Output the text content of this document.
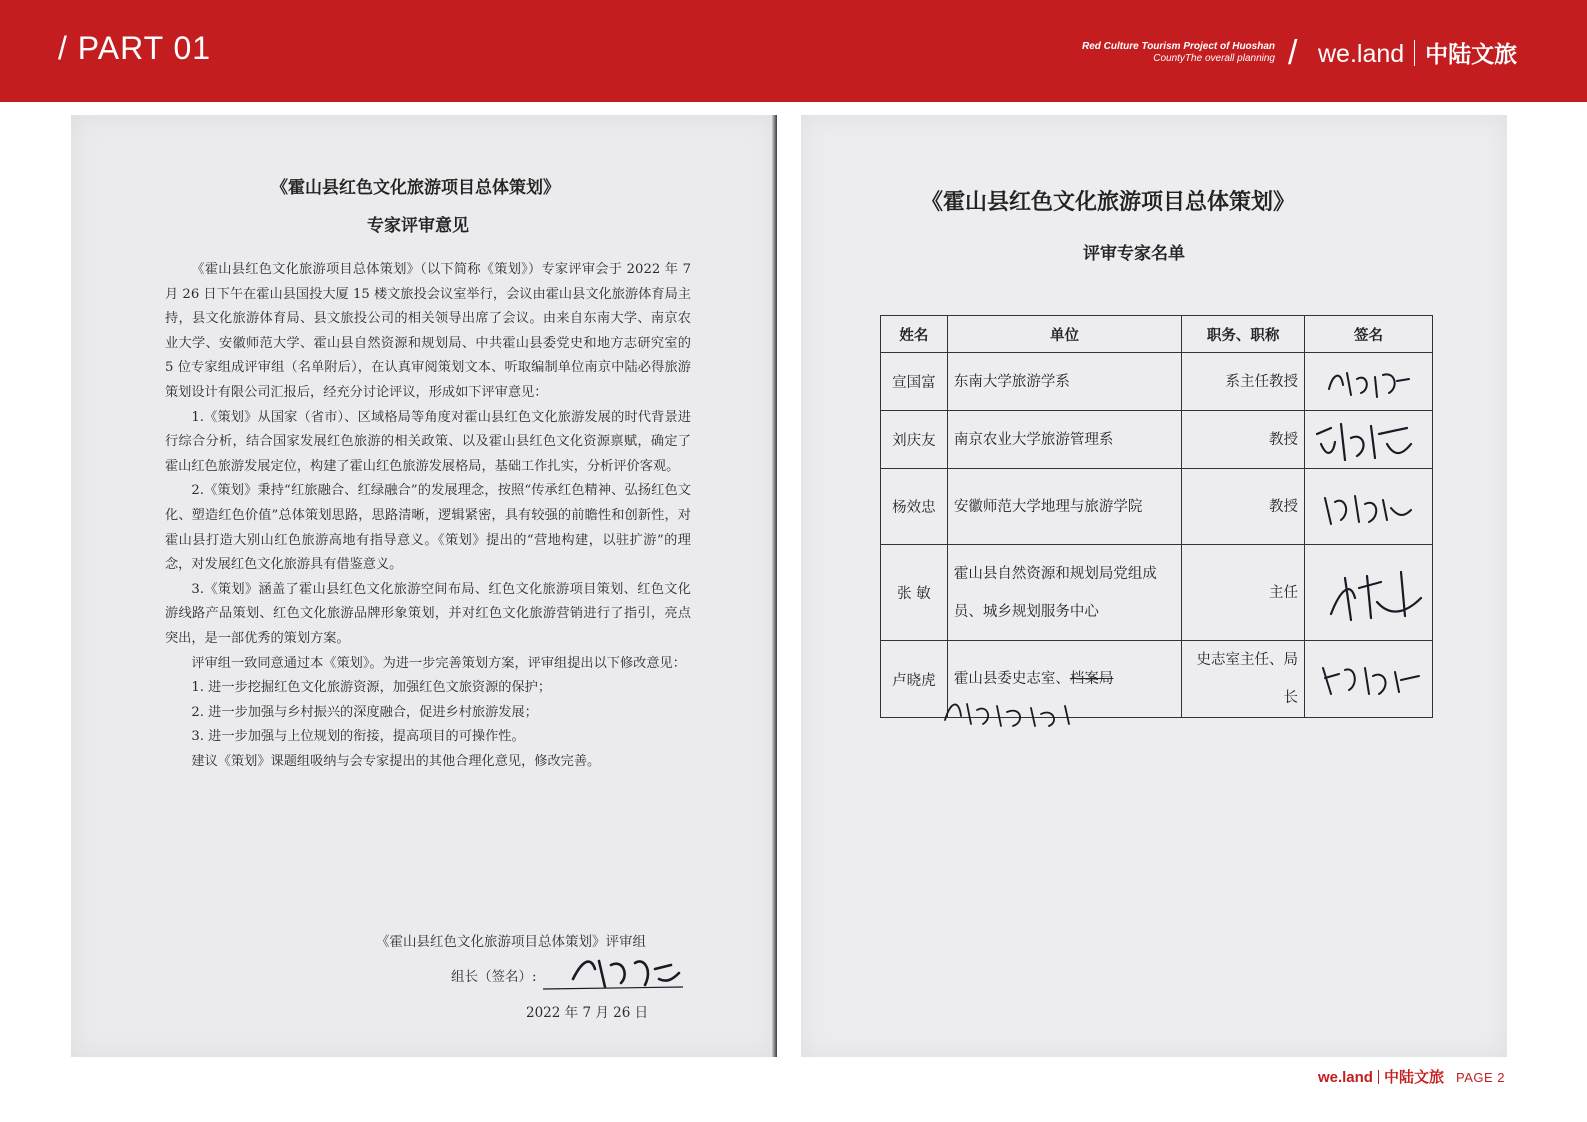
/ PART 01	Red Culture Tourism Project of Huoshan
CountyThe overall planning / we.land 中陆文旅
《霍山县红色文化旅游项目总体策划》
专家评审意见

《霍山县红色文化旅游项目总体策划》（以下简称《策划》）专家评审会于 2022 年 7 月 26 日下午在霍山县国投大厦 15 楼文旅投会议室举行，会议由霍山县文化旅游体育局主持，县文化旅游体育局、县文旅投公司的相关领导出席了会议。由来自东南大学、南京农业大学、安徽师范大学、霍山县自然资源和规划局、中共霍山县委党史和地方志研究室的 5 位专家组成评审组（名单附后），在认真审阅策划文本、听取编制单位南京中陆必得旅游策划设计有限公司汇报后，经充分讨论评议，形成如下评审意见：

1.《策划》从国家（省市）、区域格局等角度对霍山县红色文化旅游发展的时代背景进行综合分析，结合国家发展红色旅游的相关政策、以及霍山县红色文化资源禀赋，确定了霍山红色旅游发展定位，构建了霍山红色旅游发展格局，基础工作扎实，分析评价客观。

2.《策划》秉持“红旅融合、红绿融合”的发展理念，按照“传承红色精神、弘扬红色文化、塑造红色价值”总体策划思路，思路清晰，逻辑紧密，具有较强的前瞻性和创新性，对霍山县打造大别山红色旅游高地有指导意义。《策划》提出的“营地构建，以驻扩游”的理念，对发展红色文化旅游具有借鉴意义。

3.《策划》涵盖了霍山县红色文化旅游空间布局、红色文化旅游项目策划、红色文化游线路产品策划、红色文化旅游品牌形象策划，并对红色文化旅游营销进行了指引，亮点突出，是一部优秀的策划方案。

评审组一致同意通过本《策划》。为进一步完善策划方案，评审组提出以下修改意见：

1. 进一步挖掘红色文化旅游资源，加强红色文旅资源的保护；

2. 进一步加强与乡村振兴的深度融合，促进乡村旅游发展；

3. 进一步加强与上位规划的衔接，提高项目的可操作性。

建议《策划》课题组吸纳与会专家提出的其他合理化意见，修改完善。

《霍山县红色文化旅游项目总体策划》评审组
组长（签名）:
2022 年 7 月 26 日
《霍山县红色文化旅游项目总体策划》
评审专家名单
姓名	单位	职务、职称	签名
宣国富	东南大学旅游学系	系主任教授	

刘庆友	南京农业大学旅游管理系	教授	

杨效忠	安徽师范大学地理与旅游学院	教授	

张 敏	霍山县自然资源和规划局党组成员、城乡规划服务中心	主任	

卢晓虎	霍山县委史志室、档案局	史志室主任、局长	
we.land 中陆文旅 PAGE 2
